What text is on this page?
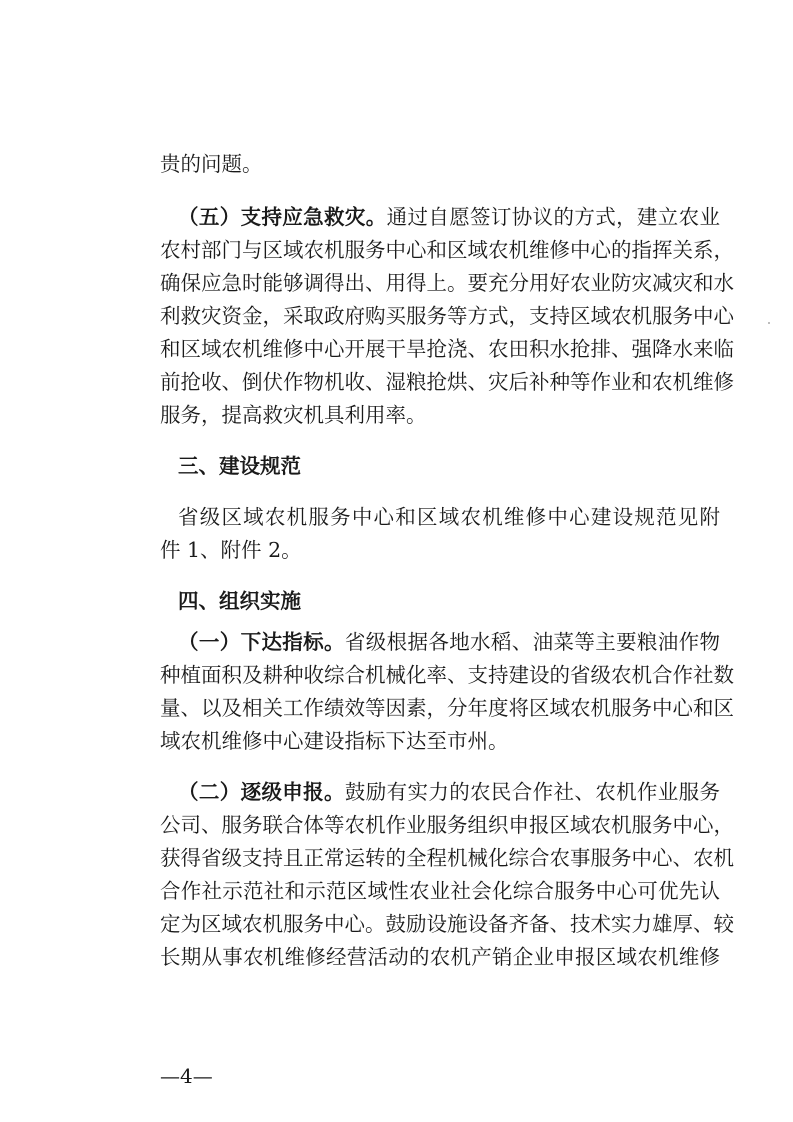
贵的问题。
（五）支持应急救灾。通过自愿签订协议的方式，建立农业
农村部门与区域农机服务中心和区域农机维修中心的指挥关系，
确保应急时能够调得出、用得上。要充分用好农业防灾减灾和水
利救灾资金，采取政府购买服务等方式，支持区域农机服务中心
和区域农机维修中心开展干旱抢浇、农田积水抢排、强降水来临
前抢收、倒伏作物机收、湿粮抢烘、灾后补种等作业和农机维修
服务，提高救灾机具利用率。
三、建设规范
省级区域农机服务中心和区域农机维修中心建设规范见附
件 1、附件 2。
四、组织实施
（一）下达指标。省级根据各地水稻、油菜等主要粮油作物
种植面积及耕种收综合机械化率、支持建设的省级农机合作社数
量、以及相关工作绩效等因素，分年度将区域农机服务中心和区
域农机维修中心建设指标下达至市州。
（二）逐级申报。鼓励有实力的农民合作社、农机作业服务
公司、服务联合体等农机作业服务组织申报区域农机服务中心，
获得省级支持且正常运转的全程机械化综合农事服务中心、农机
合作社示范社和示范区域性农业社会化综合服务中心可优先认
定为区域农机服务中心。鼓励设施设备齐备、技术实力雄厚、较
长期从事农机维修经营活动的农机产销企业申报区域农机维修
—4—
